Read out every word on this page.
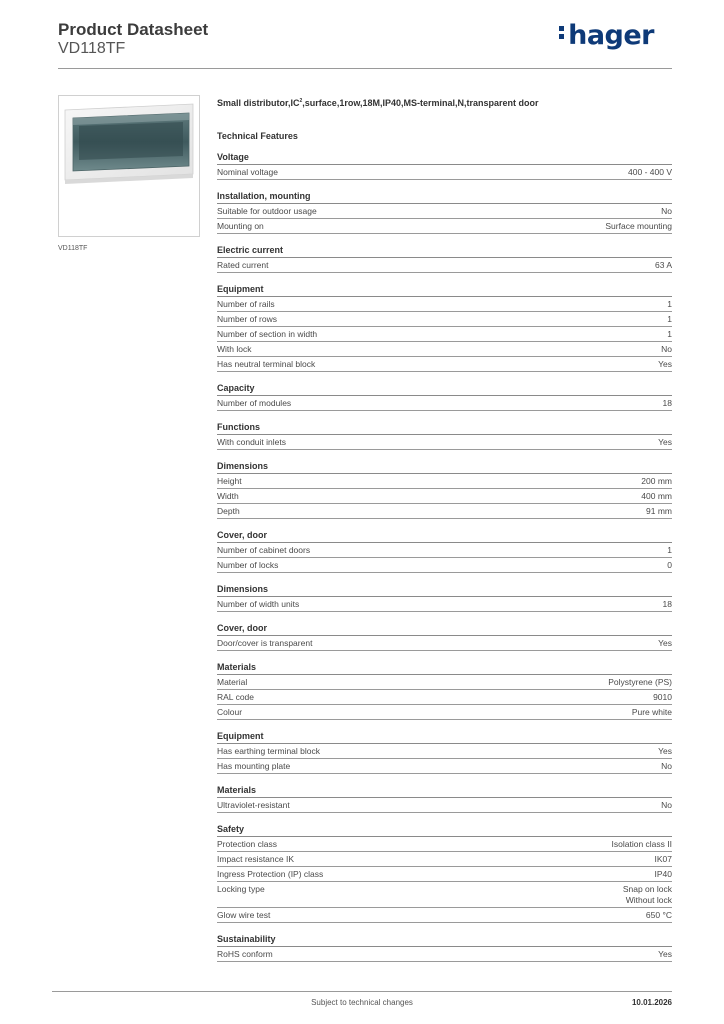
Product Datasheet
VD118TF	hager
VD118TF
Small $distributor,IC^2,surface,1row,18M,IP40,MS-terminal,N,transparent$ door
Technical Features
Voltage
Nominal voltage	400 - 400 V
Installation, mounting
Suitable for outdoor usage	No
Mounting on	Surface mounting
Electric current
Rated current	63 A
Equipment
Number of rails	1
Number of rows	1
Number of section in width	1
With lock	No
Has neutral terminal block	Yes
Capacity
Number of modules	18
Functions
With conduit inlets	Yes
Dimensions
Height	200 mm
Width	400 mm
Depth	91 mm
Cover, door
Number of cabinet doors	1
Number of locks	0
Dimensions
Number of width units	18
Cover, door
Door/cover is transparent	Yes
Materials
Material	Polystyrene (PS)
RAL code	9010
Colour	Pure white
Equipment
Has earthing terminal block	Yes
Has mounting plate	No
Materials
Ultraviolet-resistant	No
Safety
Protection class	Isolation class II
Impact resistance IK	IK07
Ingress Protection (IP) class	IP40
Locking type	Snap on lock
Without lock
Glow wire test	650 °C
Sustainability
RoHS conform	Yes
Subject to technical changes	10.01.2026
